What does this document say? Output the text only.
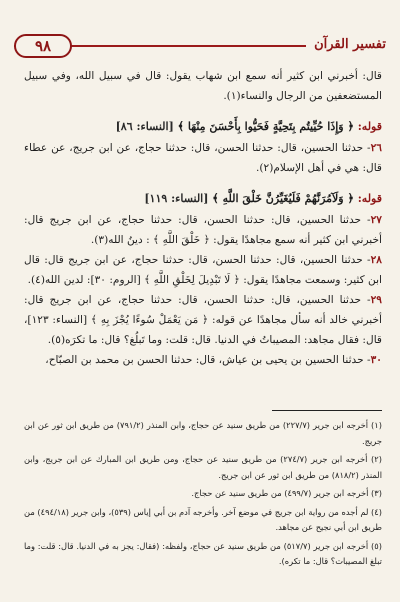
تفسير القرآن
٩٨

قال: أخبرني ابن كثير أنه سمع ابن شهاب يقول: قال في سبيل الله، وفي سبيل المستضعفين من الرجال والنساء(١).

قوله: ﴿ وَإِذَا حُيِّيتُم بِتَحِيَّةٍ فَحَيُّوا بِأَحْسَنَ مِنْهَا ﴾ [النساء: ٨٦]

٢٦- حدثنا الحسين، قال: حدثنا الحسن، قال: حدثنا حجاج، عن ابن جريج، عن عطاء قال: هي في أهل الإسلام(٢).

قوله: ﴿ وَلَآمُرَنَّهُمْ فَلَيُغَيِّرُنَّ خَلْقَ اللَّهِ ﴾ [النساء: ١١٩]

٢٧- حدثنا الحسين، قال: حدثنا الحسن، قال: حدثنا حجاج، عن ابن جريج قال: أخبرني ابن كثير أنه سمع مجاهدًا يقول: ﴿ خَلْقَ اللَّهِ ﴾ : دينُ الله(٣).

٢٨- حدثنا الحسين، قال: حدثنا الحسن، قال: حدثنا حجاج، عن ابن جريج قال: قال ابن كثير: وسمعت مجاهدًا يقول: ﴿ لَا تَبْدِيلَ لِخَلْقِ اللَّهِ ﴾ [الروم: ٣٠]: لدين الله(٤).

٢٩- حدثنا الحسين، قال: حدثنا الحسن، قال: حدثنا حجاج، عن ابن جريج قال: أخبرني خالد أنه سأل مجاهدًا عن قوله: ﴿ مَن يَعْمَلْ سُوءًا يُجْزَ بِهِ ﴾ [النساء: ١٢٣]، قال: فقال مجاهد: المصيباتُ في الدنيا. قال: قلت: وما تَبلُغ؟ قال: ما تكرَه(٥).

٣٠- حدثنا الحسين بن يحيى بن عياش، قال: حدثنا الحسن بن محمد بن الصبّاح،

(١) أخرجه ابن جرير (٢٢٧/٧) من طريق سنيد عن حجاج، وابن المنذر (٧٩١/٢) من طريق ابن ثور عن ابن جريج.

(٢) أخرجه ابن جرير (٢٧٤/٧) من طريق سنيد عن حجاج، ومن طريق ابن المبارك عن ابن جريج، وابن المنذر (٨١٨/٢) من طريق ابن ثور عن ابن جريج.

(٣) أخرجه ابن جرير (٤٩٩/٧) من طريق سنيد عن حجاج.

(٤) لم أجده من رواية ابن جريج في موضع آخر. وأخرجه آدم بن أبي إياس (٥٣٩)، وابن جرير (٤٩٤/١٨) من طريق ابن أبي نجيح عن مجاهد.

(٥) أخرجه ابن جرير (٥١٧/٧) من طريق سنيد عن حجاج، ولفظه: (فقال: يجز به في الدنيا. قال: قلت: وما تبلغ المصيبات؟ قال: ما تكره).
